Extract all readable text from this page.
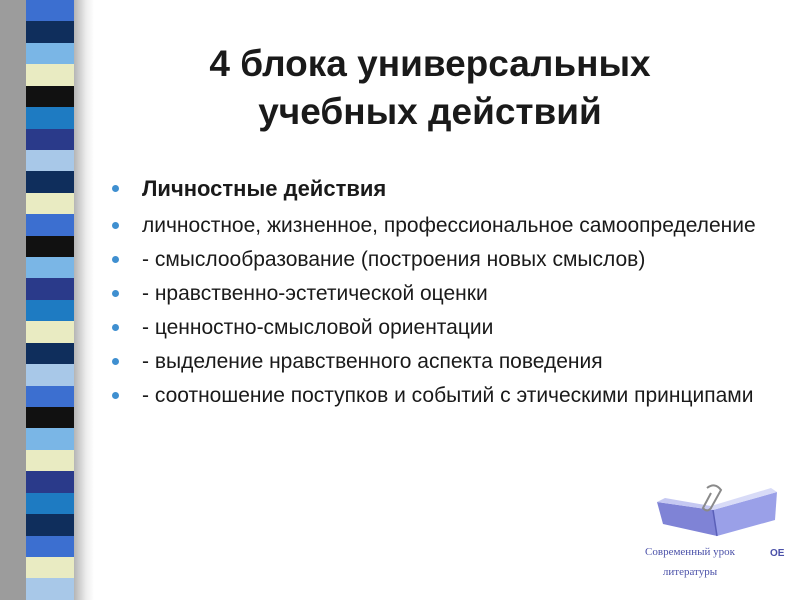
4 блока универсальных
учебных действий
Личностные действия
личностное, жизненное, профессиональное самоопределение
- смыслообразование (построения новых смыслов)
- нравственно-эстетической оценки
- ценностно-смысловой ориентации
- выделение нравственного аспекта поведения
- соотношение поступков и событий с этическими принципами
Современный урок
литературы
ОЕ
